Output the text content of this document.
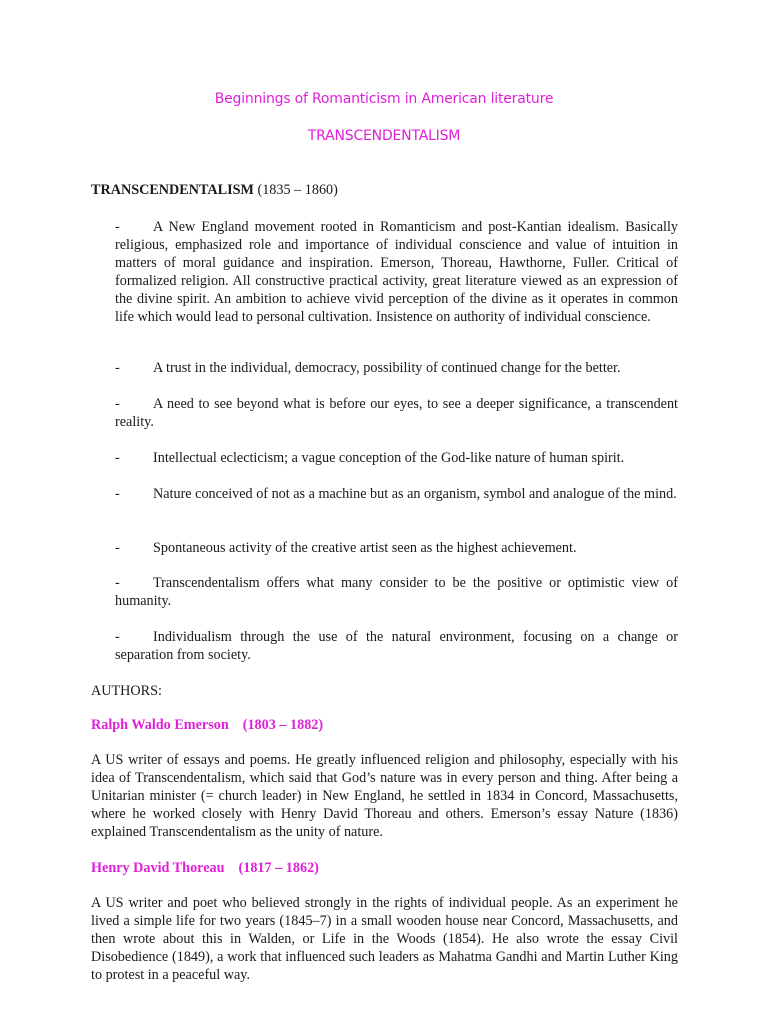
Beginnings of Romanticism in American literature
TRANSCENDENTALISM

TRANSCENDENTALISM (1835 – 1860)

- A New England movement rooted in Romanticism and post-Kantian idealism. Basically religious, emphasized role and importance of individual conscience and value of intuition in matters of moral guidance and inspiration. Emerson, Thoreau, Hawthorne, Fuller. Critical of formalized religion. All constructive practical activity, great literature viewed as an expression of the divine spirit. An ambition to achieve vivid perception of the divine as it operates in common life which would lead to personal cultivation. Insistence on authority of individual conscience.

- A trust in the individual, democracy, possibility of continued change for the better.

- A need to see beyond what is before our eyes, to see a deeper significance, a transcendent reality.

- Intellectual eclecticism; a vague conception of the God-like nature of human spirit.

- Nature conceived of not as a machine but as an organism, symbol and analogue of the mind.

- Spontaneous activity of the creative artist seen as the highest achievement.

- Transcendentalism offers what many consider to be the positive or optimistic view of humanity.

- Individualism through the use of the natural environment, focusing on a change or separation from society.

AUTHORS:

Ralph Waldo Emerson (1803 – 1882)

A US writer of essays and poems. He greatly influenced religion and philosophy, especially with his idea of Transcendentalism, which said that God’s nature was in every person and thing. After being a Unitarian minister (= church leader) in New England, he settled in 1834 in Concord, Massachusetts, where he worked closely with Henry David Thoreau and others. Emerson’s essay Nature (1836) explained Transcendentalism as the unity of nature.

Henry David Thoreau (1817 – 1862)

A US writer and poet who believed strongly in the rights of individual people. As an experiment he lived a simple life for two years (1845–7) in a small wooden house near Concord, Massachusetts, and then wrote about this in Walden, or Life in the Woods (1854). He also wrote the essay Civil Disobedience (1849), a work that influenced such leaders as Mahatma Gandhi and Martin Luther King to protest in a peaceful way.
